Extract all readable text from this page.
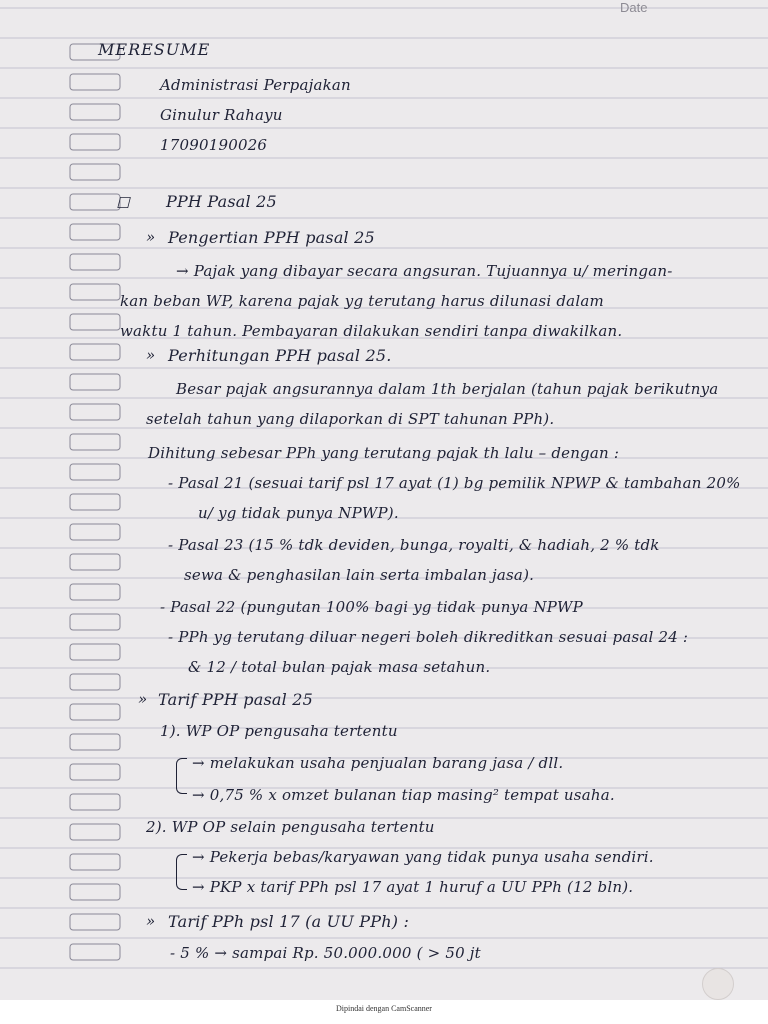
Date
MERESUME
Administrasi Perpajakan
Ginulur Rahayu
17090190026
☐ PPH Pasal 25
» Pengertian PPH pasal 25
→ Pajak yang dibayar secara angsuran. Tujuannya u/ meringan-
kan beban WP, karena pajak yg terutang harus dilunasi dalam
waktu 1 tahun. Pembayaran dilakukan sendiri tanpa diwakilkan.
» Perhitungan PPH pasal 25.
Besar pajak angsurannya dalam 1th berjalan (tahun pajak berikutnya
setelah tahun yang dilaporkan di SPT tahunan PPh).
Dihitung sebesar PPh yang terutang pajak th lalu – dengan :
- Pasal 21 (sesuai tarif psl 17 ayat (1) bg pemilik NPWP & tambahan 20%
u/ yg tidak punya NPWP).
- Pasal 23 (15 % tdk deviden, bunga, royalti, & hadiah, 2 % tdk
sewa & penghasilan lain serta imbalan jasa).
- Pasal 22 (pungutan 100% bagi yg tidak punya NPWP
- PPh yg terutang diluar negeri boleh dikreditkan sesuai pasal 24 :
& 12 / total bulan pajak masa setahun.
» Tarif PPH pasal 25
1). WP OP pengusaha tertentu
→ melakukan usaha penjualan barang jasa / dll.
→ 0,75 % x omzet bulanan tiap masing² tempat usaha.
2). WP OP selain pengusaha tertentu
→ Pekerja bebas/karyawan yang tidak punya usaha sendiri.
→ PKP x tarif PPh psl 17 ayat 1 huruf a UU PPh (12 bln).
» Tarif PPh psl 17 (a UU PPh) :
- 5 % → sampai Rp. 50.000.000 ( > 50 jt
Dipindai dengan CamScanner
